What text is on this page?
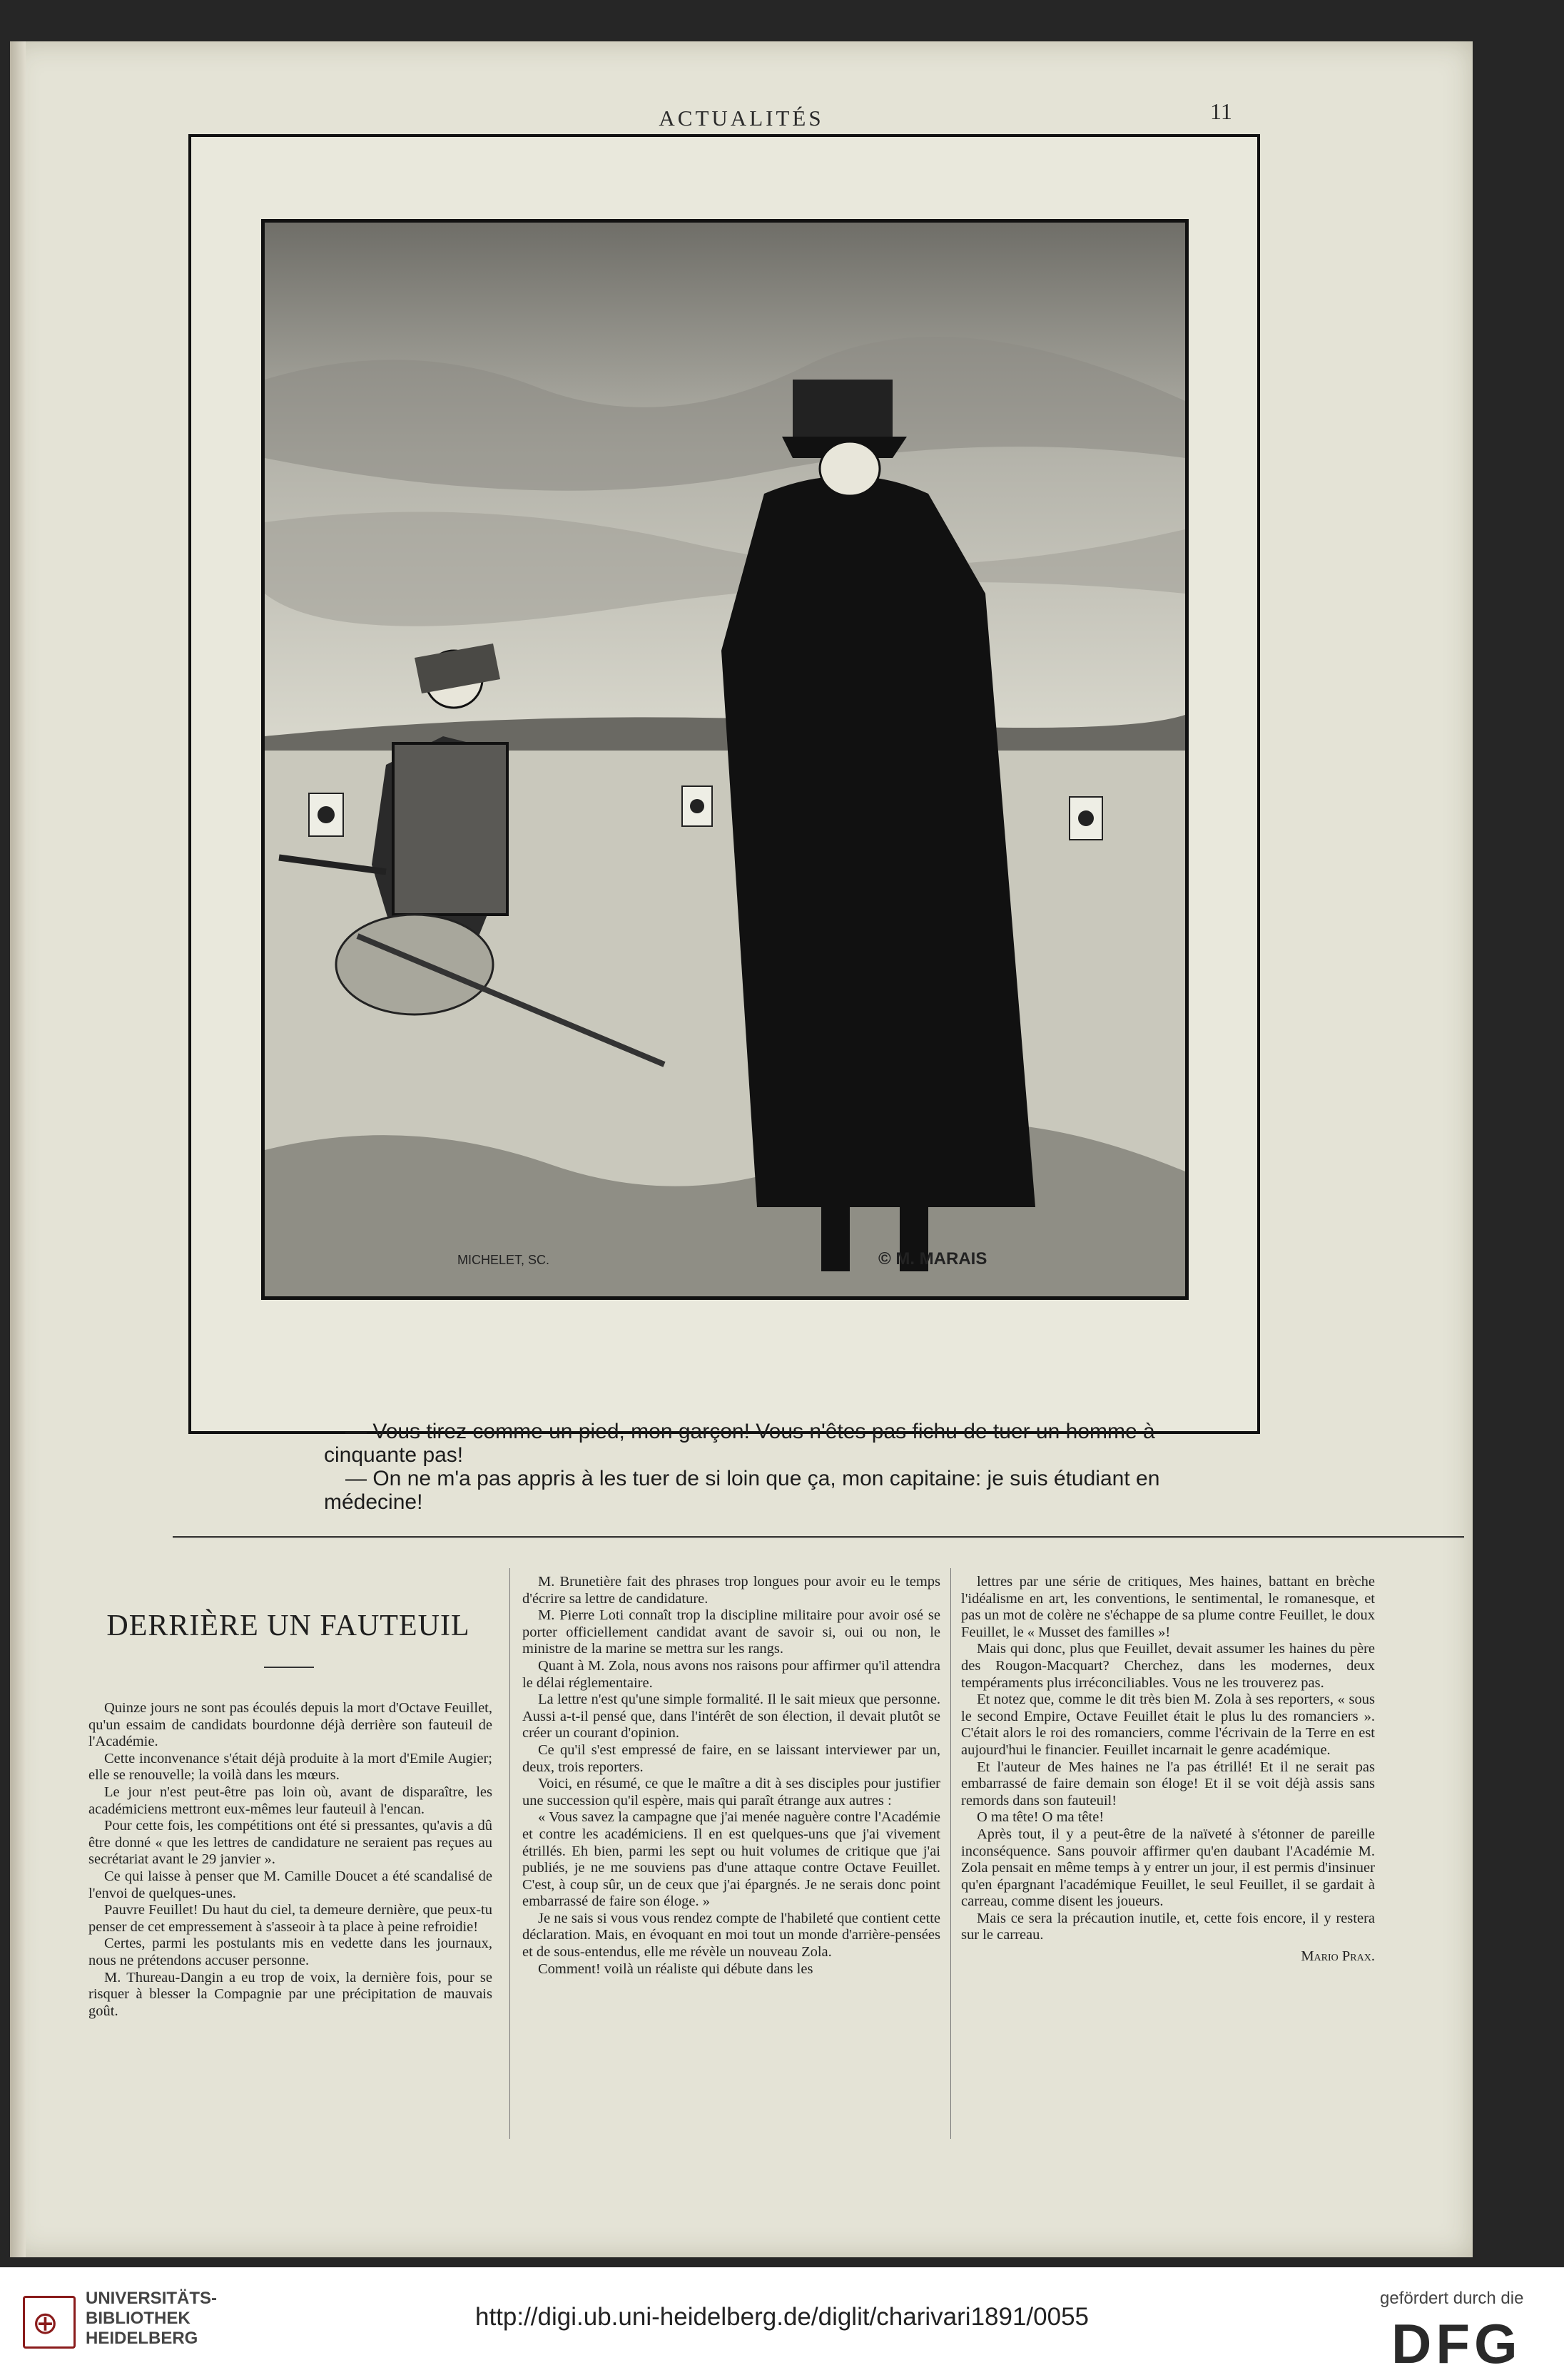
ACTUALITÉS	11
MICHELET, SC.	© M. MARAIS

— Vous tirez comme un pied, mon garçon! Vous n'êtes pas fichu de tuer un homme à cinquante pas!

— On ne m'a pas appris à les tuer de si loin que ça, mon capitaine: je suis étudiant en médecine!

DERRIÈRE UN FAUTEUIL

Quinze jours ne sont pas écoulés depuis la mort d'Octave Feuillet, qu'un essaim de candidats bourdonne déjà derrière son fauteuil de l'Académie.

Cette inconvenance s'était déjà produite à la mort d'Emile Augier; elle se renouvelle; la voilà dans les mœurs.

Le jour n'est peut-être pas loin où, avant de disparaître, les académiciens mettront eux-mêmes leur fauteuil à l'encan.

Pour cette fois, les compétitions ont été si pressantes, qu'avis a dû être donné « que les lettres de candidature ne seraient pas reçues au secrétariat avant le 29 janvier ».

Ce qui laisse à penser que M. Camille Doucet a été scandalisé de l'envoi de quelques-unes.

Pauvre Feuillet! Du haut du ciel, ta demeure dernière, que peux-tu penser de cet empressement à s'asseoir à ta place à peine refroidie!

Certes, parmi les postulants mis en vedette dans les journaux, nous ne prétendons accuser personne.

M. Thureau-Dangin a eu trop de voix, la dernière fois, pour se risquer à blesser la Compagnie par une précipitation de mauvais goût.

M. Brunetière fait des phrases trop longues pour avoir eu le temps d'écrire sa lettre de candidature.

M. Pierre Loti connaît trop la discipline militaire pour avoir osé se porter officiellement candidat avant de savoir si, oui ou non, le ministre de la marine se mettra sur les rangs.

Quant à M. Zola, nous avons nos raisons pour affirmer qu'il attendra le délai réglementaire.

La lettre n'est qu'une simple formalité. Il le sait mieux que personne. Aussi a-t-il pensé que, dans l'intérêt de son élection, il devait plutôt se créer un courant d'opinion.

Ce qu'il s'est empressé de faire, en se laissant interviewer par un, deux, trois reporters.

Voici, en résumé, ce que le maître a dit à ses disciples pour justifier une succession qu'il espère, mais qui paraît étrange aux autres :

« Vous savez la campagne que j'ai menée naguère contre l'Académie et contre les académiciens. Il en est quelques-uns que j'ai vivement étrillés. Eh bien, parmi les sept ou huit volumes de critique que j'ai publiés, je ne me souviens pas d'une attaque contre Octave Feuillet. C'est, à coup sûr, un de ceux que j'ai épargnés. Je ne serais donc point embarrassé de faire son éloge. »

Je ne sais si vous vous rendez compte de l'habileté que contient cette déclaration. Mais, en évoquant en moi tout un monde d'arrière-pensées et de sous-entendus, elle me révèle un nouveau Zola.

Comment! voilà un réaliste qui débute dans les

lettres par une série de critiques, Mes haines, battant en brèche l'idéalisme en art, les conventions, le sentimental, le romanesque, et pas un mot de colère ne s'échappe de sa plume contre Feuillet, le doux Feuillet, le « Musset des familles »!

Mais qui donc, plus que Feuillet, devait assumer les haines du père des Rougon-Macquart? Cherchez, dans les modernes, deux tempéraments plus irréconciliables. Vous ne les trouverez pas.

Et notez que, comme le dit très bien M. Zola à ses reporters, « sous le second Empire, Octave Feuillet était le plus lu des romanciers ». C'était alors le roi des romanciers, comme l'écrivain de la Terre en est aujourd'hui le financier. Feuillet incarnait le genre académique.

Et l'auteur de Mes haines ne l'a pas étrillé! Et il ne serait pas embarrassé de faire demain son éloge! Et il se voit déjà assis sans remords dans son fauteuil!

O ma tête! O ma tête!

Après tout, il y a peut-être de la naïveté à s'étonner de pareille inconséquence. Sans pouvoir affirmer qu'en daubant l'Académie M. Zola pensait en même temps à y entrer un jour, il est permis d'insinuer qu'en épargnant l'académique Feuillet, le seul Feuillet, il se gardait à carreau, comme disent les joueurs.

Mais ce sera la précaution inutile, et, cette fois encore, il y restera sur le carreau.

Mario Prax.
⊕
UNIVERSITÄTS-
BIBLIOTHEK
HEIDELBERG
http://digi.ub.uni-heidelberg.de/diglit/charivari1891/0055
gefördert durch die
DFG
